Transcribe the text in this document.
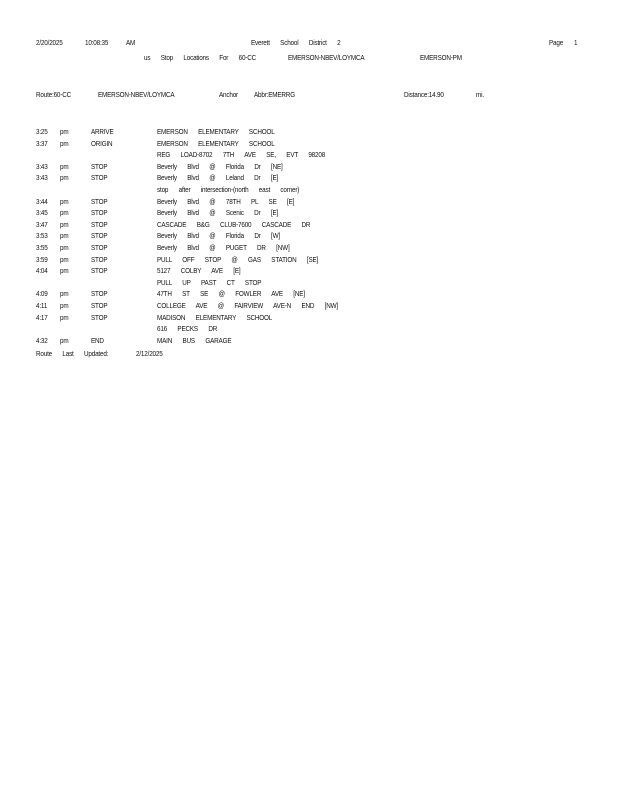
2/20/2025	10:08:35 AM	Everett School District 2	Page 1
us Stop Locations For 60-CC	EMERSON-NBEV/LOYMCA	EMERSON-PM
Route:60-CC	EMERSON-NBEV/LOYMCA	Anchor Abbr:EMERRG	Distance:14.90	mi.
3:25 pm	ARRIVE	EMERSON ELEMENTARY SCHOOL
3:37 pm	ORIGIN	EMERSON ELEMENTARY SCHOOL
REG LOAD-8702 7TH AVE SE, EVT 98208
3:43 pm	STOP	Beverly Blvd @ Florida Dr [NE]
3:43 pm	STOP	Beverly Blvd @ Leland Dr [E]
stop after intersection-(north east corner)
3:44 pm	STOP	Beverly Blvd @ 78TH PL SE [E]
3:45 pm	STOP	Beverly Blvd @ Scenic Dr [E]
3:47 pm	STOP	CASCADE B&G CLUB-7600 CASCADE DR
3:53 pm	STOP	Beverly Blvd @ Florida Dr [W]
3:55 pm	STOP	Beverly Blvd @ PUGET DR [NW]
3:59 pm	STOP	PULL OFF STOP @ GAS STATION [SE]
4:04 pm	STOP	5127 COLBY AVE [E]
PULL UP PAST CT STOP
4:09 pm	STOP	47TH ST SE @ FOWLER AVE [NE]
4:11 pm	STOP	COLLEGE AVE @ FAIRVIEW AVE-N END [NW]
4:17 pm	STOP	MADISON ELEMENTARY SCHOOL
616 PECKS DR
4:32 pm	END	MAIN BUS GARAGE
Route Last Updated:	2/12/2025
